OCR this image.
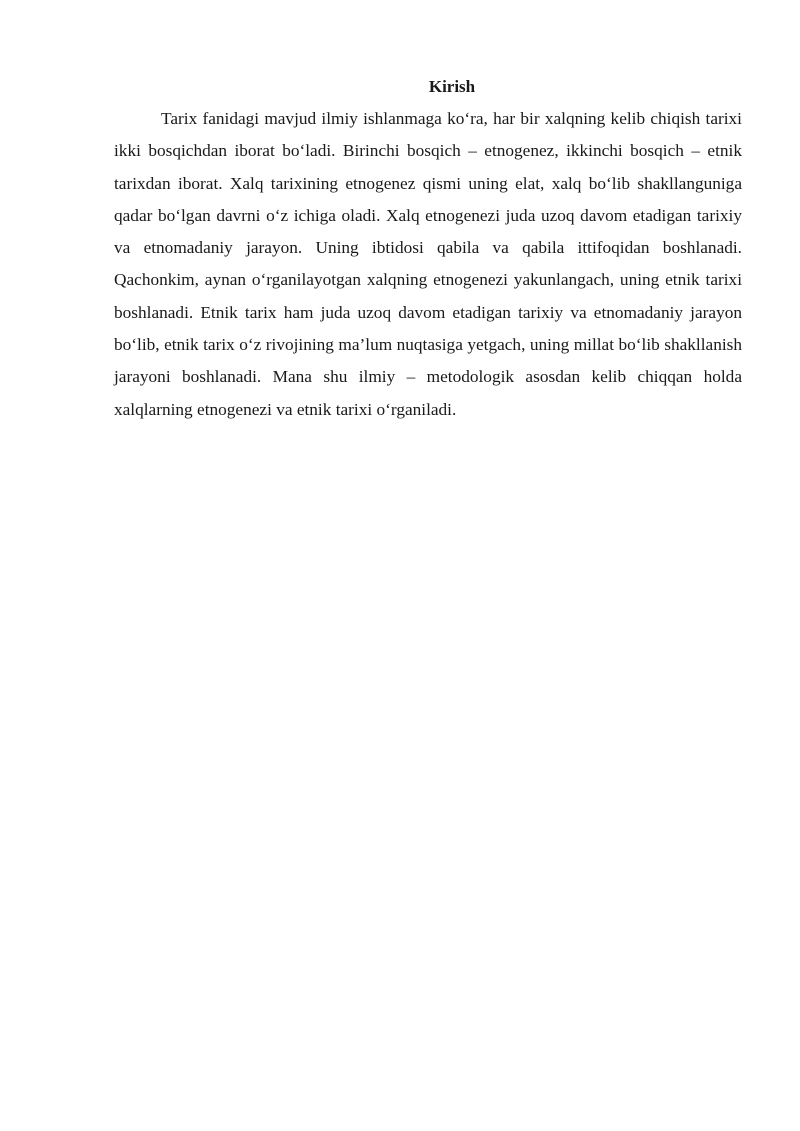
Kirish

Tarix fanidagi mavjud ilmiy ishlanmaga ko‘ra, har bir xalqning kelib chiqish tarixi ikki bosqichdan iborat bo‘ladi. Birinchi bosqich – etnogenez, ikkinchi bosqich – etnik tarixdan iborat. Xalq tarixining etnogenez qismi uning elat, xalq bo‘lib shakllanguniga qadar bo‘lgan davrni o‘z ichiga oladi. Xalq etnogenezi juda uzoq davom etadigan tarixiy va etnomadaniy jarayon. Uning ibtidosi qabila va qabila ittifoqidan boshlanadi. Qachonkim, aynan o‘rganilayotgan xalqning etnogenezi yakunlangach, uning etnik tarixi boshlanadi. Etnik tarix ham juda uzoq davom etadigan tarixiy va etnomadaniy jarayon bo‘lib, etnik tarix o‘z rivojining ma’lum nuqtasiga yetgach, uning millat bo‘lib shakllanish jarayoni boshlanadi. Mana shu ilmiy – metodologik asosdan kelib chiqqan holda xalqlarning etnogenezi va etnik tarixi o‘rganiladi.
